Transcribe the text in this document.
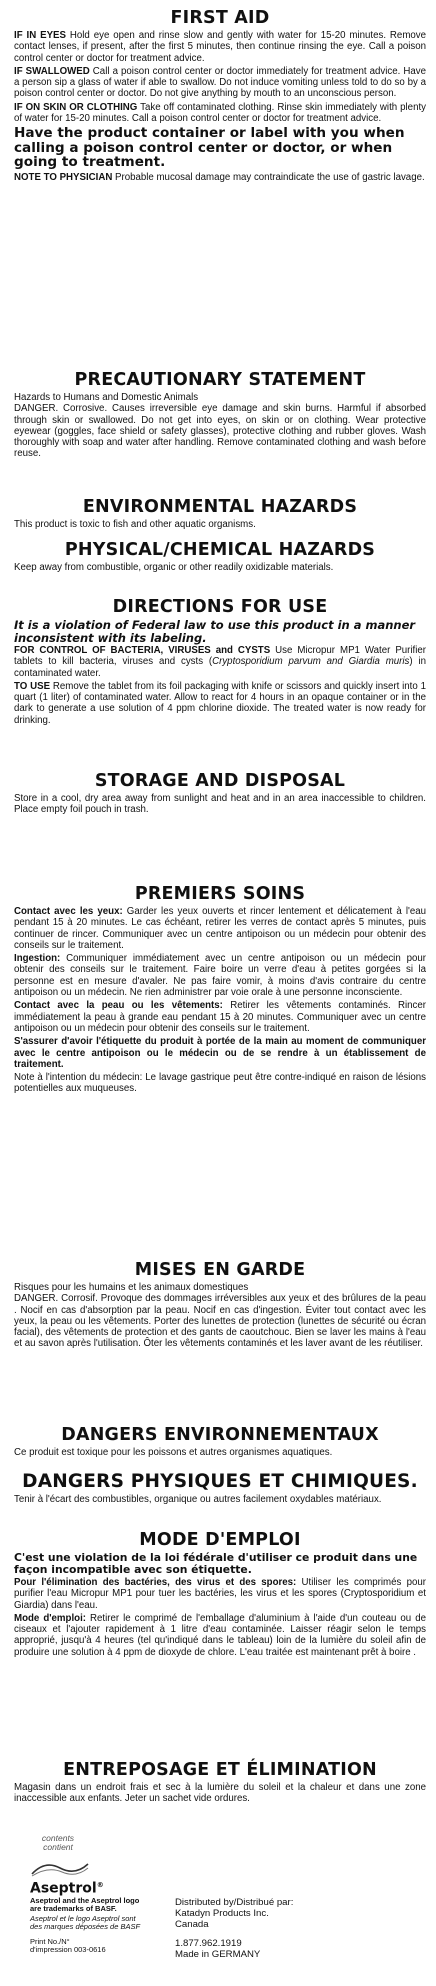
FIRST AID

IF IN EYES Hold eye open and rinse slow and gently with water for 15-20 minutes. Remove contact lenses, if present, after the first 5 minutes, then continue rinsing the eye. Call a poison control center or doctor for treatment advice.

IF SWALLOWED Call a poison control center or doctor immediately for treatment advice. Have a person sip a glass of water if able to swallow. Do not induce vomiting unless told to do so by a poison control center or doctor. Do not give anything by mouth to an unconscious person.

IF ON SKIN OR CLOTHING Take off contaminated clothing. Rinse skin immediately with plenty of water for 15-20 minutes. Call a poison control center or doctor for treatment advice.

Have the product container or label with you when calling a poison control center or doctor, or when going to treatment.

NOTE TO PHYSICIAN Probable mucosal damage may contraindicate the use of gastric lavage.

PRECAUTIONARY STATEMENT

Hazards to Humans and Domestic Animals

DANGER. Corrosive. Causes irreversible eye damage and skin burns. Harmful if absorbed through skin or swallowed. Do not get into eyes, on skin or on clothing. Wear protective eyewear (goggles, face shield or safety glasses), protective clothing and rubber gloves. Wash thoroughly with soap and water after handling. Remove contaminated clothing and wash before reuse.

ENVIRONMENTAL HAZARDS

This product is toxic to fish and other aquatic organisms.

PHYSICAL/CHEMICAL HAZARDS

Keep away from combustible, organic or other readily oxidizable materials.

DIRECTIONS FOR USE
It is a violation of Federal law to use this product in a manner inconsistent with its labeling.

FOR CONTROL OF BACTERIA, VIRUSES and CYSTS Use Micropur MP1 Water Purifier tablets to kill bacteria, viruses and cysts (Cryptosporidium parvum and Giardia muris) in contaminated water.

TO USE Remove the tablet from its foil packaging with knife or scissors and quickly insert into 1 quart (1 liter) of contaminated water. Allow to react for 4 hours in an opaque container or in the dark to generate a use solution of 4 ppm chlorine dioxide. The treated water is now ready for drinking.

STORAGE AND DISPOSAL

Store in a cool, dry area away from sunlight and heat and in an area inaccessible to children. Place empty foil pouch in trash.

PREMIERS SOINS

Contact avec les yeux: Garder les yeux ouverts et rincer lentement et délicatement à l'eau pendant 15 à 20 minutes. Le cas échéant, retirer les verres de contact après 5 minutes, puis continuer de rincer. Communiquer avec un centre antipoison ou un médecin pour obtenir des conseils sur le traitement.

Ingestion: Communiquer immédiatement avec un centre antipoison ou un médecin pour obtenir des conseils sur le traitement. Faire boire un verre d'eau à petites gorgées si la personne est en mesure d'avaler. Ne pas faire vomir, à moins d'avis contraire du centre antipoison ou un médecin. Ne rien administrer par voie orale à une personne inconsciente.

Contact avec la peau ou les vêtements: Retirer les vêtements contaminés. Rincer immédiatement la peau à grande eau pendant 15 à 20 minutes. Communiquer avec un centre antipoison ou un médecin pour obtenir des conseils sur le traitement.

S'assurer d'avoir l'étiquette du produit à portée de la main au moment de communiquer avec le centre antipoison ou le médecin ou de se rendre à un établissement de traitement.

Note à l'intention du médecin: Le lavage gastrique peut être contre-indiqué en raison de lésions potentielles aux muqueuses.

MISES EN GARDE

Risques pour les humains et les animaux domestiques

DANGER. Corrosif. Provoque des dommages irréversibles aux yeux et des brûlures de la peau . Nocif en cas d'absorption par la peau. Nocif en cas d'ingestion. Éviter tout contact avec les yeux, la peau ou les vêtements. Porter des lunettes de protection (lunettes de sécurité ou écran facial), des vêtements de protection et des gants de caoutchouc. Bien se laver les mains à l'eau et au savon après l'utilisation. Ôter les vêtements contaminés et les laver avant de les réutiliser.

DANGERS ENVIRONNEMENTAUX

Ce produit est toxique pour les poissons et autres organismes aquatiques.

DANGERS PHYSIQUES ET CHIMIQUES.

Tenir à l'écart des combustibles, organique ou autres facilement oxydables matériaux.

MODE D'EMPLOI
C'est une violation de la loi fédérale d'utiliser ce produit dans une façon incompatible avec son étiquette.

Pour l'élimination des bactéries, des virus et des spores: Utiliser les comprimés pour purifier l'eau Micropur MP1 pour tuer les bactéries, les virus et les spores (Cryptosporidium et Giardia) dans l'eau.

Mode d'emploi: Retirer le comprimé de l'emballage d'aluminium à l'aide d'un couteau ou de ciseaux et l'ajouter rapidement à 1 litre d'eau contaminée. Laisser réagir selon le temps approprié, jusqu'à 4 heures (tel qu'indiqué dans le tableau) loin de la lumière du soleil afin de produire une solution à 4 ppm de dioxyde de chlore. L'eau traitée est maintenant prêt à boire .

ENTREPOSAGE ET ÉLIMINATION

Magasin dans un endroit frais et sec à la lumière du soleil et la chaleur et dans une zone inaccessible aux enfants. Jeter un sachet vide ordures.

contents
contient
Aseptrol®
Aseptrol and the Aseptrol logo
are trademarks of BASF.
Aseptrol et le logo Aseptrol sont
des marques déposées de BASF
Print No./N°
d'impression 003-0616
Distributed by/Distribué par:
Katadyn Products Inc.
Canada
1.877.962.1919
Made in GERMANY
